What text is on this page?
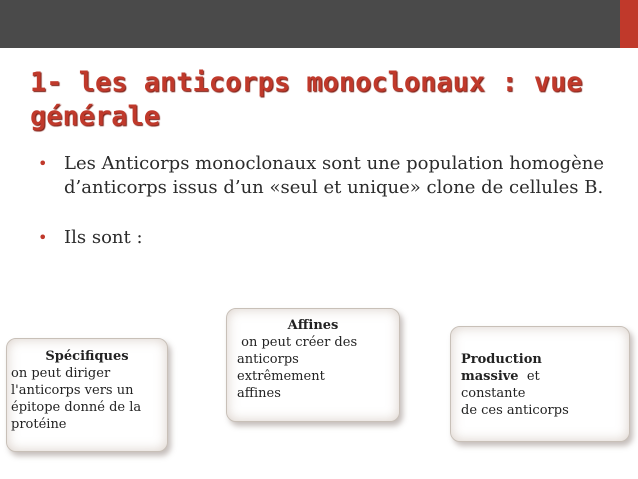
1- les anticorps monoclonaux : vue générale
• Les Anticorps monoclonaux sont une population homogène d’anticorps issus d’un «seul et unique» clone de cellules B.
• Ils sont :
Spécifiques
on peut diriger
l'anticorps vers un
épitope donné de la
protéine
Affines
on peut créer des
anticorps
extrêmement
affines
Production
massive  et
constante
de ces anticorps
